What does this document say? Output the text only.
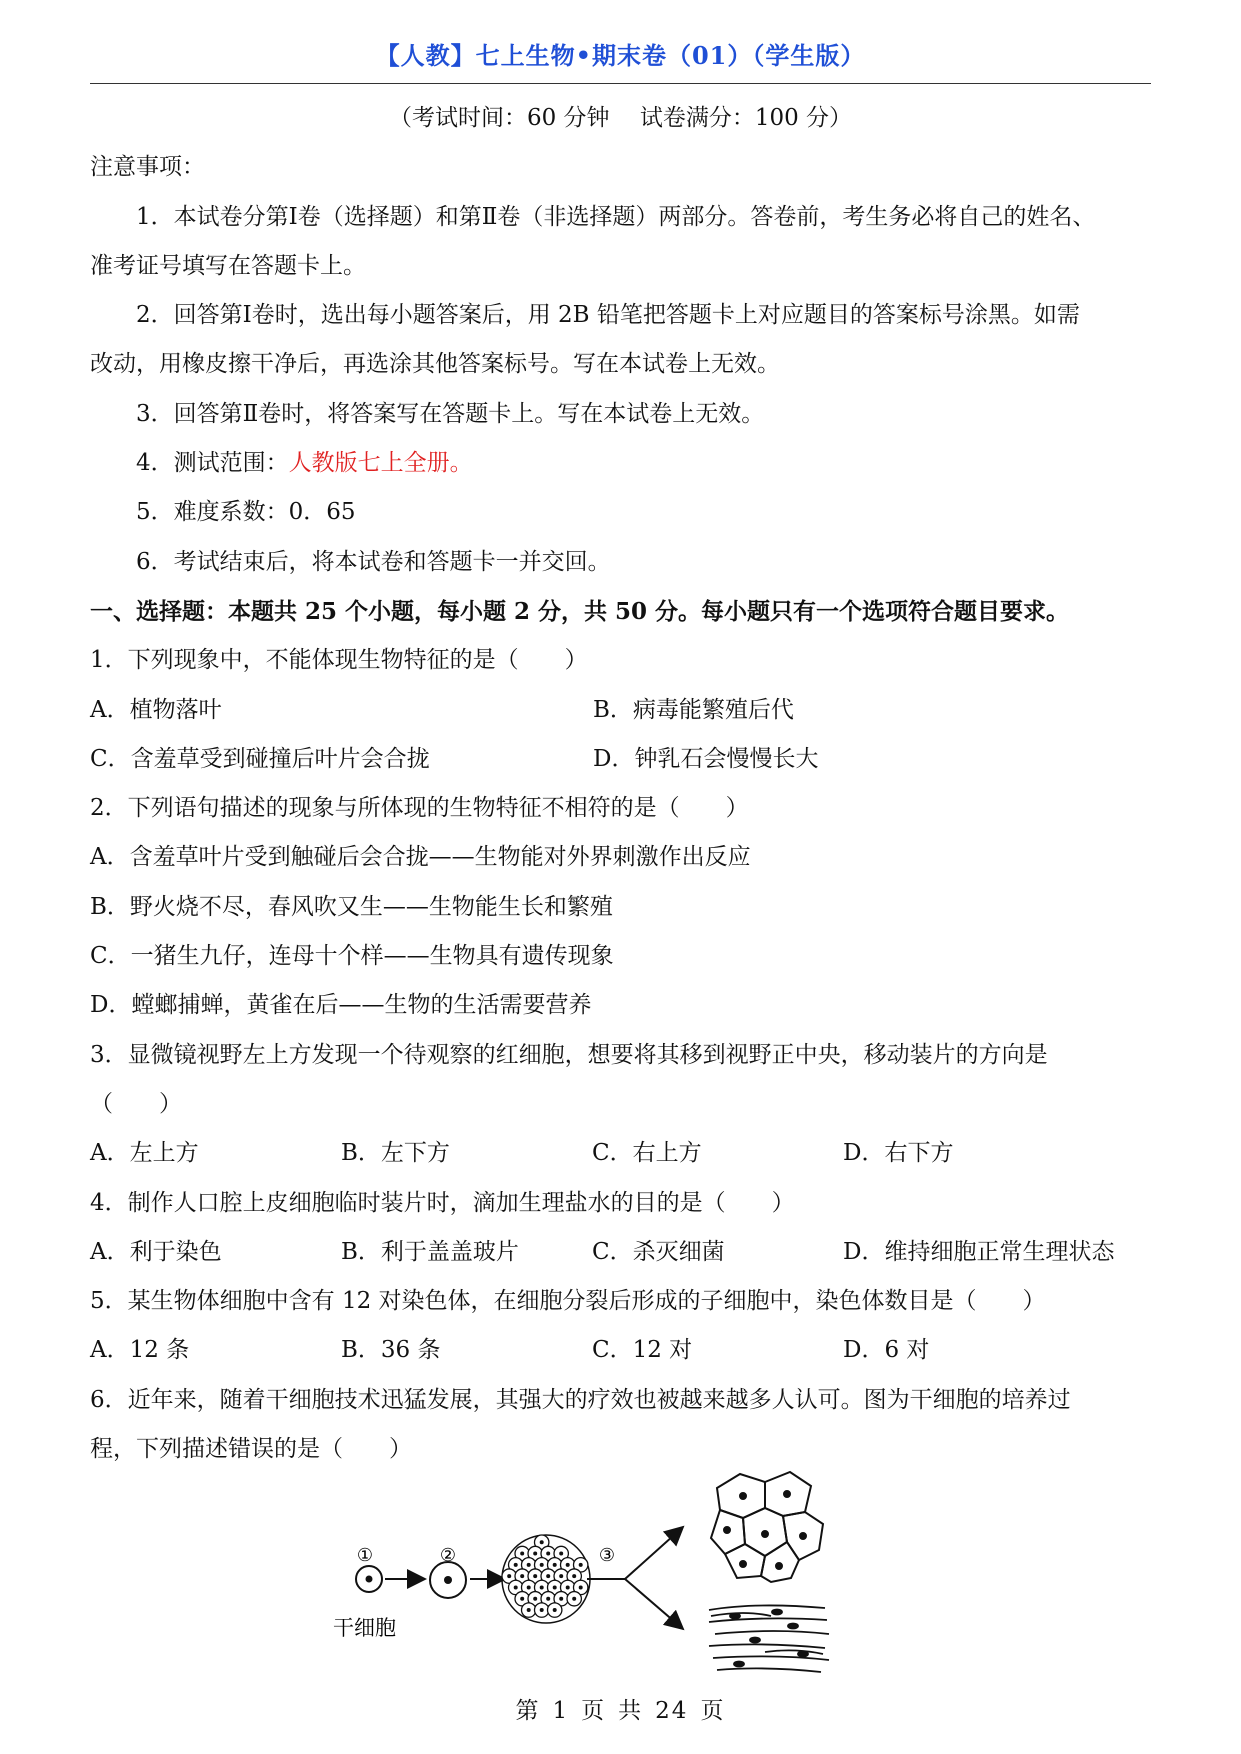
【人教】七上生物•期末卷（01）（学生版）
（考试时间：60 分钟　 试卷满分：100 分）
注意事项：
1．本试卷分第Ⅰ卷（选择题）和第Ⅱ卷（非选择题）两部分。答卷前，考生务必将自己的姓名、
准考证号填写在答题卡上。
2．回答第Ⅰ卷时，选出每小题答案后，用 2B 铅笔把答题卡上对应题目的答案标号涂黑。如需
改动，用橡皮擦干净后，再选涂其他答案标号。写在本试卷上无效。
3．回答第Ⅱ卷时，将答案写在答题卡上。写在本试卷上无效。
4．测试范围：人教版七上全册。
5．难度系数：0．65
6．考试结束后，将本试卷和答题卡一并交回。
一、选择题：本题共 25 个小题，每小题 2 分，共 50 分。每小题只有一个选项符合题目要求。
1．下列现象中，不能体现生物特征的是（　　）
A．植物落叶	B．病毒能繁殖后代
C．含羞草受到碰撞后叶片会合拢	D．钟乳石会慢慢长大
2．下列语句描述的现象与所体现的生物特征不相符的是（　　）
A．含羞草叶片受到触碰后会合拢——生物能对外界刺激作出反应
B．野火烧不尽，春风吹又生——生物能生长和繁殖
C．一猪生九仔，连母十个样——生物具有遗传现象
D．螳螂捕蝉，黄雀在后——生物的生活需要营养
3．显微镜视野左上方发现一个待观察的红细胞，想要将其移到视野正中央，移动装片的方向是
（　　）
A．左上方	B．左下方	C．右上方	D．右下方
4．制作人口腔上皮细胞临时装片时，滴加生理盐水的目的是（　　）
A．利于染色	B．利于盖盖玻片	C．杀灭细菌	D．维持细胞正常生理状态
5．某生物体细胞中含有 12 对染色体，在细胞分裂后形成的子细胞中，染色体数目是（　　）
A．12 条	B．36 条	C．12 对	D．6 对
6．近年来，随着干细胞技术迅猛发展，其强大的疗效也被越来越多人认可。图为干细胞的培养过
程，下列描述错误的是（　　）
①	②	③
干细胞
第 1 页 共 24 页
